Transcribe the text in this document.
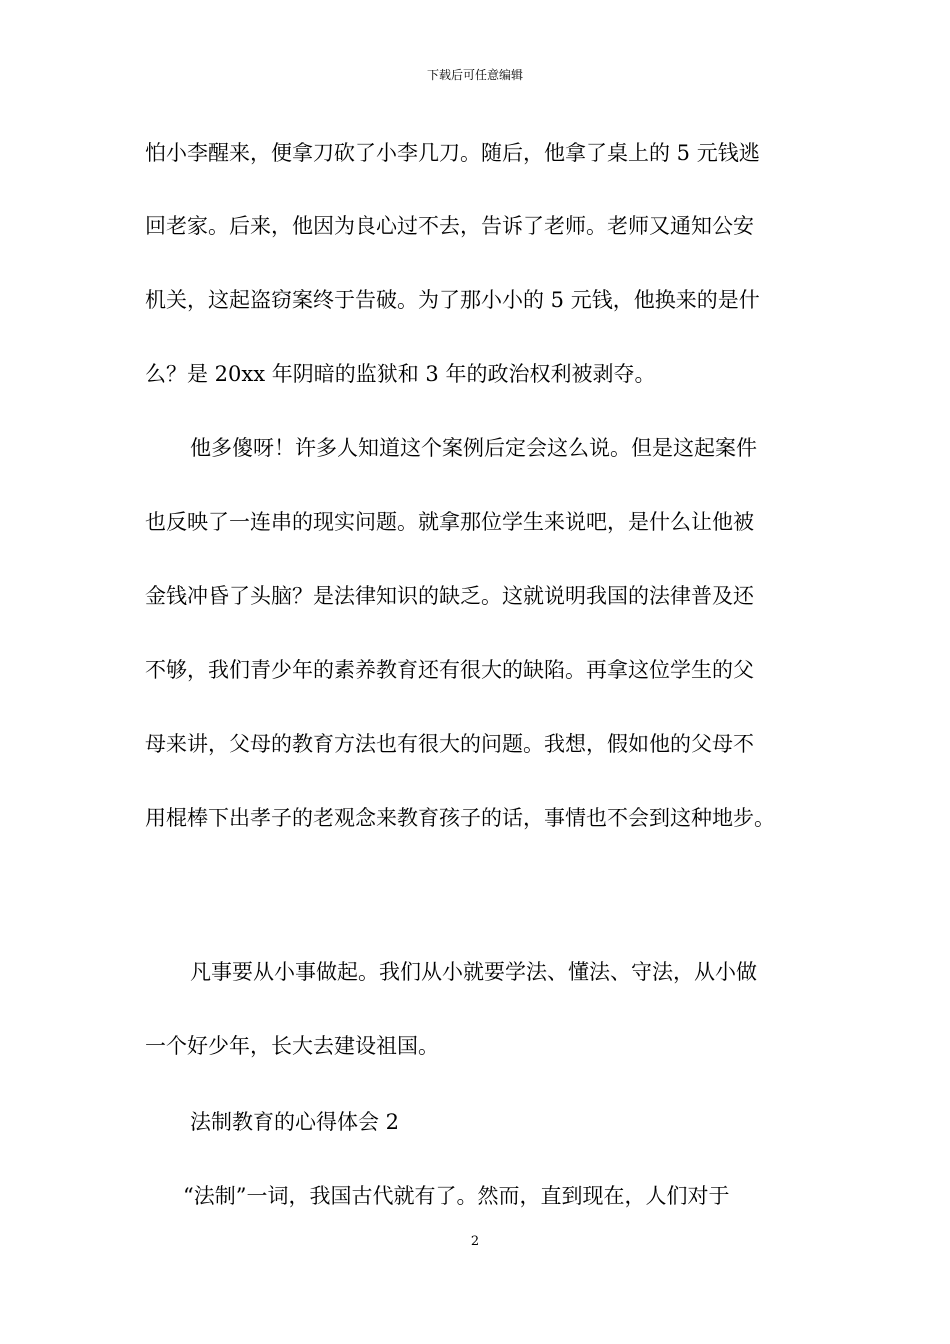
下载后可任意编辑
怕小李醒来，便拿刀砍了小李几刀。随后，他拿了桌上的 5 元钱逃
回老家。后来，他因为良心过不去，告诉了老师。老师又通知公安
机关，这起盗窃案终于告破。为了那小小的 5 元钱，他换来的是什
么？是 20xx 年阴暗的监狱和 3 年的政治权利被剥夺。
他多傻呀！许多人知道这个案例后定会这么说。但是这起案件
也反映了一连串的现实问题。就拿那位学生来说吧，是什么让他被
金钱冲昏了头脑？是法律知识的缺乏。这就说明我国的法律普及还
不够，我们青少年的素养教育还有很大的缺陷。再拿这位学生的父
母来讲，父母的教育方法也有很大的问题。我想，假如他的父母不
用棍棒下出孝子的老观念来教育孩子的话，事情也不会到这种地步。
凡事要从小事做起。我们从小就要学法、懂法、守法，从小做
一个好少年，长大去建设祖国。
法制教育的心得体会 2
“法制”一词，我国古代就有了。然而，直到现在，人们对于
2
